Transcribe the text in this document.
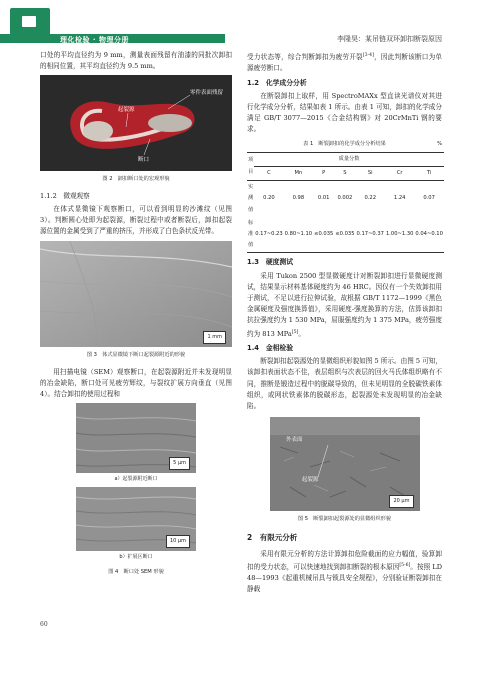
理化检验 · 物理分册	李隆昊：某吊链双环卸扣断裂原因

口处的平均直径约为 9 mm，测量表面残留有油漆的同批次卸扣的相同位置，其平均直径约为 9.5 mm。

零件表面残留
起裂源
断口
图 2　卸扣断口处的宏观形貌
1.1.2　微观观察

在体式显微镜下观察断口，可以看到明显的沙滩纹（见图 3）。判断圆心处即为起裂源，断裂过程中或者断裂后，卸扣起裂源位置的金属受到了严重的挤压，并形成了白色条状反光带。

1 mm
图 3　体式显微镜下断口起裂源附近的形貌

用扫描电镜（SEM）观察断口，在起裂源附近并未发现明显的冶金缺陷，断口处可见疲劳辉纹，与裂纹扩展方向垂直（见图 4）。结合卸扣的使用过程和

5 μm
a）起裂源附近断口
10 μm
b）扩展区断口
图 4　断口处 SEM 形貌

受力状态等，综合判断卸扣为疲劳开裂[3-4]，因此判断该断口为单源疲劳断口。

1.2　化学成分分析

在断裂卸扣上取样，用 SpectroMAXx 型直读光谱仪对其进行化学成分分析，结果如表 1 所示。由表 1 可知，卸扣的化学成分满足 GB/T 3077—2015《合金结构钢》对 20CrMnTi 钢的要求。

表 1　断裂卸扣的化学成分分析结果	%
项目	质量分数						
	C	Mn	P	S	Si	Cr	Ti
实测值	0.20	0.98	0.01	0.002	0.22	1.24	0.07
标准值	0.17~0.23	0.80~1.10	≤0.035	≤0.035	0.17~0.37	1.00~1.30	0.04~0.10
1.3　硬度测试

采用 Tukon 2500 型显微硬度计对断裂卸扣进行显微硬度测试，结果显示材料基体硬度约为 46 HRC。因仅有一个失效卸扣用于测试，不足以进行拉伸试验，故根据 GB/T 1172—1999《黑色金属硬度及强度换算值》，采用硬度-强度换算的方法，估算该卸扣抗拉强度约为 1 530 MPa，屈服强度约为 1 375 MPa，疲劳强度约为 813 MPa[5]。

1.4　金相检验

断裂卸扣起裂源处的显微组织形貌如图 5 所示。由图 5 可知，该卸扣表面状态不佳，表层组织与次表层的回火马氏体组织略有不同，推断是锻造过程中的脱碳导致的，但未见明显的全脱碳铁素体组织，或网状铁素体的脱碳形态，起裂源处未发现明显的冶金缺陷。

外表面
起裂源
20 μm
图 5　断裂卸扣起裂源处的显微组织形貌
2　有限元分析

采用有限元分析的方法计算卸扣危险截面的应力幅值，验算卸扣的受力状态，可以快速地找到卸扣断裂的根本原因[5-6]。按照 LD 48—1993《起重机械吊具与锁具安全规程》，分别验证断裂卸扣在静载

60
